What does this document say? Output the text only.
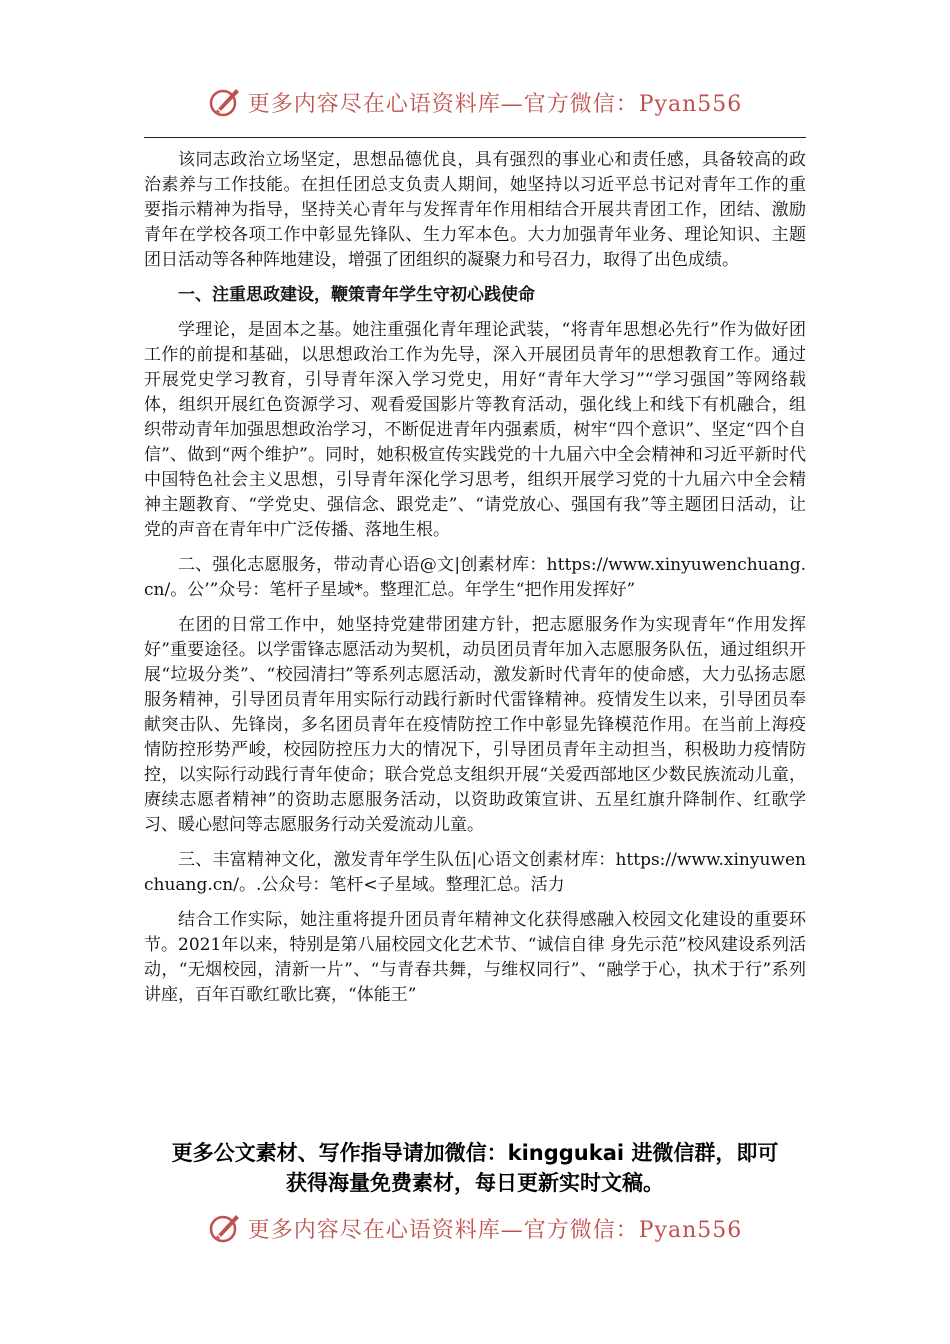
更多内容尽在心语资料库—官方微信：Pyan556

该同志政治立场坚定，思想品德优良，具有强烈的事业心和责任感，具备较高的政治素养与工作技能。在担任团总支负责人期间，她坚持以习近平总书记对青年工作的重要指示精神为指导，坚持关心青年与发挥青年作用相结合开展共青团工作，团结、激励青年在学校各项工作中彰显先锋队、生力军本色。大力加强青年业务、理论知识、主题团日活动等各种阵地建设，增强了团组织的凝聚力和号召力，取得了出色成绩。

一、注重思政建设，鞭策青年学生守初心践使命

学理论，是固本之基。她注重强化青年理论武装，“将青年思想必先行”作为做好团工作的前提和基础，以思想政治工作为先导，深入开展团员青年的思想教育工作。通过开展党史学习教育，引导青年深入学习党史，用好“青年大学习”“学习强国”等网络载体，组织开展红色资源学习、观看爱国影片等教育活动，强化线上和线下有机融合，组织带动青年加强思想政治学习，不断促进青年内强素质，树牢“四个意识”、坚定“四个自信”、做到“两个维护”。同时，她积极宣传实践党的十九届六中全会精神和习近平新时代中国特色社会主义思想，引导青年深化学习思考，组织开展学习党的十九届六中全会精神主题教育、“学党史、强信念、跟党走”、“请党放心、强国有我”等主题团日活动，让党的声音在青年中广泛传播、落地生根。

二、强化志愿服务，带动青心语@文|创素材库：https://www.xinyuwenchuang.cn/。公’”众号：笔杆子星域*。整理汇总。年学生“把作用发挥好”

在团的日常工作中，她坚持党建带团建方针，把志愿服务作为实现青年“作用发挥好”重要途径。以学雷锋志愿活动为契机，动员团员青年加入志愿服务队伍，通过组织开展“垃圾分类”、“校园清扫”等系列志愿活动，激发新时代青年的使命感，大力弘扬志愿服务精神，引导团员青年用实际行动践行新时代雷锋精神。疫情发生以来，引导团员奉献突击队、先锋岗，多名团员青年在疫情防控工作中彰显先锋模范作用。在当前上海疫情防控形势严峻，校园防控压力大的情况下，引导团员青年主动担当，积极助力疫情防控，以实际行动践行青年使命；联合党总支组织开展“关爱西部地区少数民族流动儿童，赓续志愿者精神”的资助志愿服务活动，以资助政策宣讲、五星红旗升降制作、红歌学习、暖心慰问等志愿服务行动关爱流动儿童。

三、丰富精神文化，激发青年学生队伍|心语文创素材库：https://www.xinyuwenchuang.cn/。.公众号：笔杆<子星域。整理汇总。活力

结合工作实际，她注重将提升团员青年精神文化获得感融入校园文化建设的重要环节。2021年以来，特别是第八届校园文化艺术节、“诚信自律 身先示范”校风建设系列活动，“无烟校园，清新一片”、“与青春共舞，与维权同行”、“融学于心，执术于行”系列讲座，百年百歌红歌比赛，“体能王”

更多公文素材、写作指导请加微信：kinggukai 进微信群，即可
获得海量免费素材，每日更新实时文稿。
更多内容尽在心语资料库—官方微信：Pyan556
